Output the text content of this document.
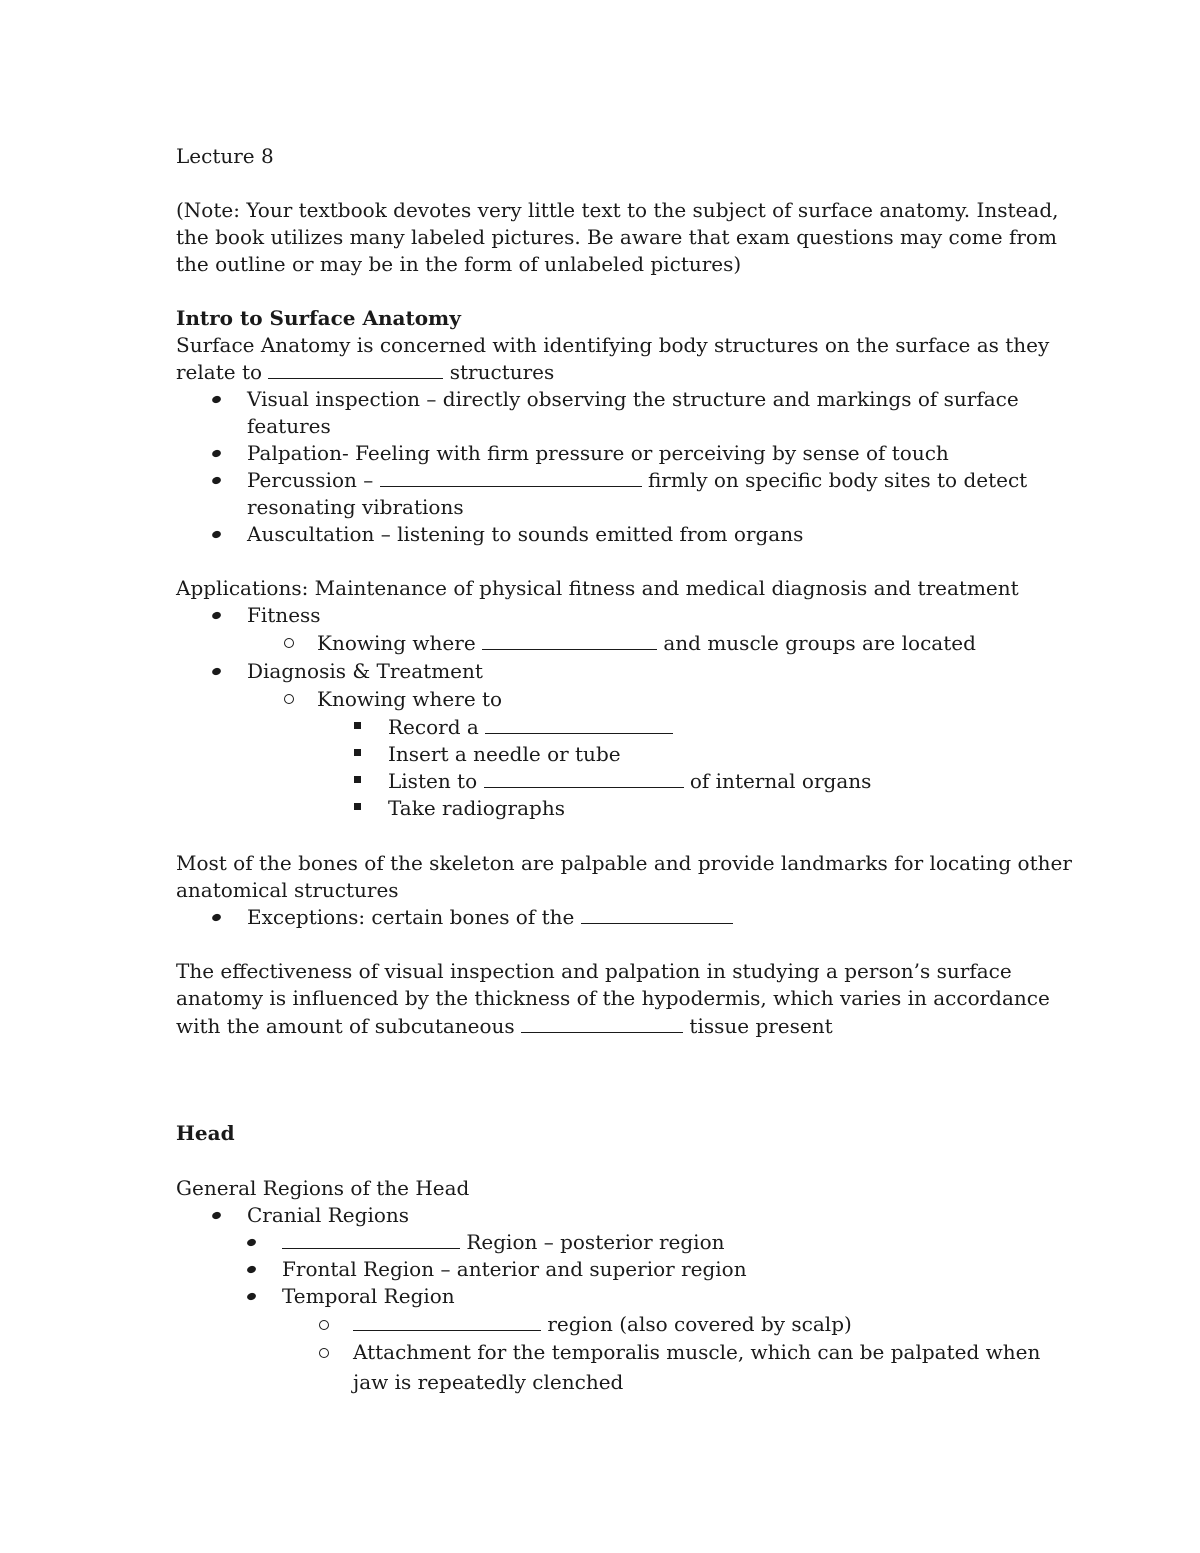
Lecture 8
(Note: Your textbook devotes very little text to the subject of surface anatomy. Instead,
the book utilizes many labeled pictures. Be aware that exam questions may come from
the outline or may be in the form of unlabeled pictures)
Intro to Surface Anatomy
Surface Anatomy is concerned with identifying body structures on the surface as they
relate to	structures
Visual inspection – directly observing the structure and markings of surface
features
Palpation- Feeling with firm pressure or perceiving by sense of touch
Percussion –	firmly on specific body sites to detect
resonating vibrations
Auscultation – listening to sounds emitted from organs
Applications: Maintenance of physical fitness and medical diagnosis and treatment
Fitness
Knowing where	and muscle groups are located
Diagnosis & Treatment
Knowing where to
Record a
Insert a needle or tube
Listen to	of internal organs
Take radiographs
Most of the bones of the skeleton are palpable and provide landmarks for locating other
anatomical structures
Exceptions: certain bones of the
The effectiveness of visual inspection and palpation in studying a person’s surface
anatomy is influenced by the thickness of the hypodermis, which varies in accordance
with the amount of subcutaneous	tissue present
Head
General Regions of the Head
Cranial Regions
Region – posterior region
Frontal Region – anterior and superior region
Temporal Region
region (also covered by scalp)
Attachment for the temporalis muscle, which can be palpated when
jaw is repeatedly clenched
